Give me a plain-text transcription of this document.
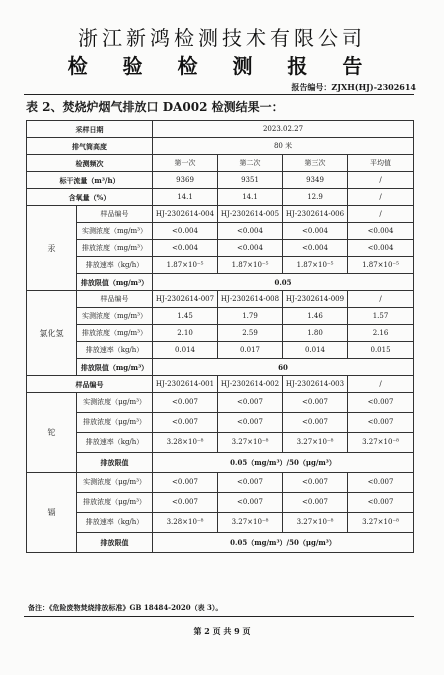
浙江新鸿检测技术有限公司
检 验 检 测 报 告
报告编号：ZJXH(HJ)-2302614
表 2、焚烧炉烟气排放口 DA002 检测结果一：
采样日期		2023.02.27			
排气筒高度		80 米			
检测频次		第一次	第二次	第三次	平均值
标干流量（m³/h）		9369	9351	9349	/
含氧量（%）		14.1	14.1	12.9	/
汞	样品编号	HJ-2302614-004	HJ-2302614-005	HJ-2302614-006	/
	实测浓度（mg/m³）	<0.004	<0.004	<0.004	<0.004
	排放浓度（mg/m³）	<0.004	<0.004	<0.004	<0.004
	排放速率（kg/h）	1.87×10⁻⁵	1.87×10⁻⁵	1.87×10⁻⁵	1.87×10⁻⁵
	排放限值（mg/m³）	0.05			
氯化氢	样品编号	HJ-2302614-007	HJ-2302614-008	HJ-2302614-009	/
	实测浓度（mg/m³）	1.45	1.79	1.46	1.57
	排放浓度（mg/m³）	2.10	2.59	1.80	2.16
	排放速率（kg/h）	0.014	0.017	0.014	0.015
	排放限值（mg/m³）	60			
样品编号		HJ-2302614-001	HJ-2302614-002	HJ-2302614-003	/
铊	实测浓度（μg/m³）	<0.007	<0.007	<0.007	<0.007
	排放浓度（μg/m³）	<0.007	<0.007	<0.007	<0.007
	排放速率（kg/h）	3.28×10⁻⁸	3.27×10⁻⁸	3.27×10⁻⁸	3.27×10⁻⁸
	排放限值	0.05（mg/m³）/50（μg/m³）			
镉	实测浓度（μg/m³）	<0.007	<0.007	<0.007	<0.007
	排放浓度（μg/m³）	<0.007	<0.007	<0.007	<0.007
	排放速率（kg/h）	3.28×10⁻⁸	3.27×10⁻⁸	3.27×10⁻⁸	3.27×10⁻⁸
	排放限值	0.05（mg/m³）/50（μg/m³）			
备注：《危险废物焚烧排放标准》GB 18484-2020（表 3）。
第 2 页 共 9 页
